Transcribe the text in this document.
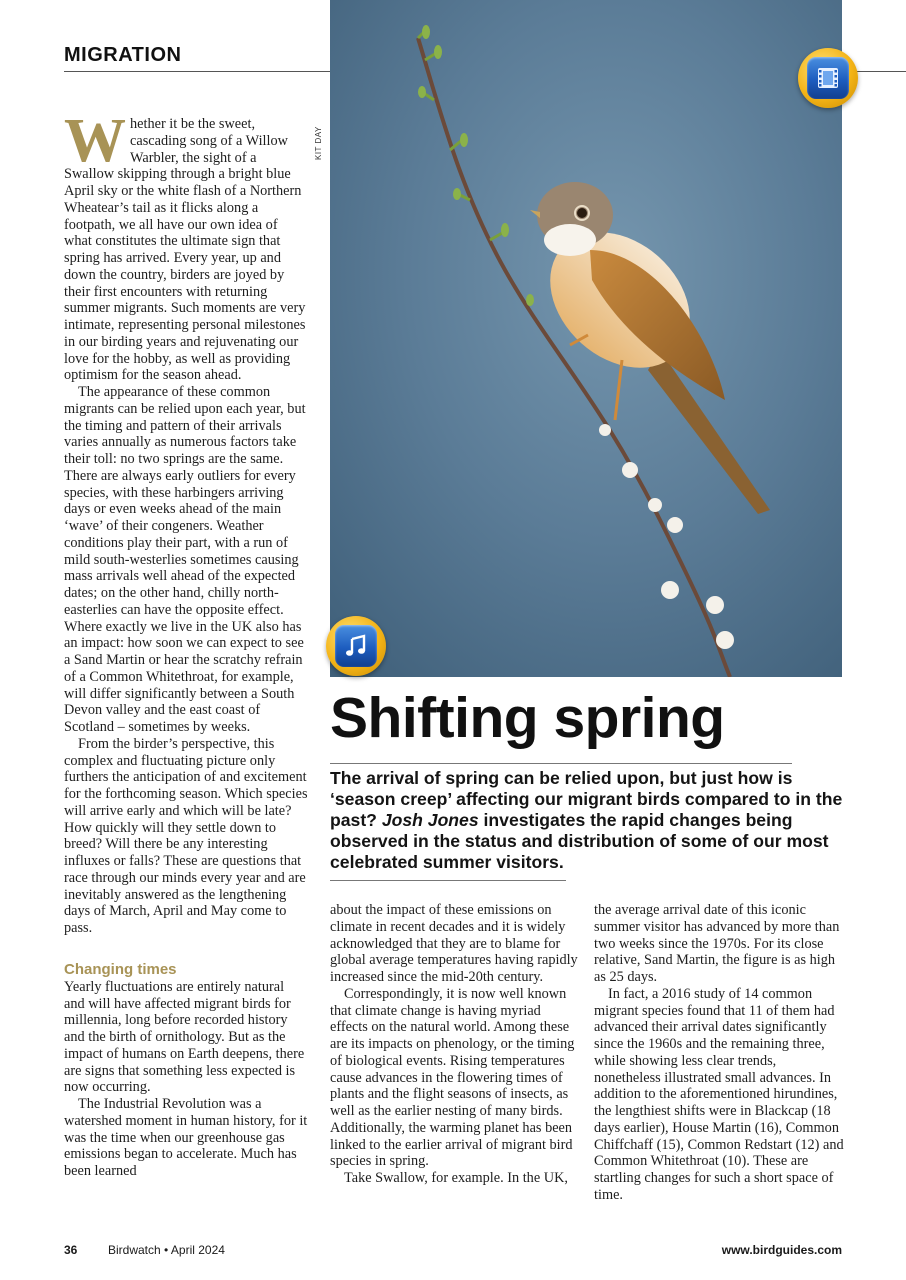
MIGRATION
KIT DAY

Whether it be the sweet, cascading song of a Willow Warbler, the sight of a Swallow skipping through a bright blue April sky or the white flash of a Northern Wheatear’s tail as it flicks along a footpath, we all have our own idea of what constitutes the ultimate sign that spring has arrived. Every year, up and down the country, birders are joyed by their first encounters with returning summer migrants. Such moments are very intimate, representing personal milestones in our birding years and rejuvenating our love for the hobby, as well as providing optimism for the season ahead.

The appearance of these common migrants can be relied upon each year, but the timing and pattern of their arrivals varies annually as numerous factors take their toll: no two springs are the same. There are always early outliers for every species, with these harbingers arriving days or even weeks ahead of the main ‘wave’ of their congeners. Weather conditions play their part, with a run of mild south-westerlies sometimes causing mass arrivals well ahead of the expected dates; on the other hand, chilly north-easterlies can have the opposite effect. Where exactly we live in the UK also has an impact: how soon we can expect to see a Sand Martin or hear the scratchy refrain of a Common Whitethroat, for example, will differ significantly between a South Devon valley and the east coast of Scotland – sometimes by weeks.

From the birder’s perspective, this complex and fluctuating picture only furthers the anticipation of and excitement for the forthcoming season. Which species will arrive early and which will be late? How quickly will they settle down to breed? Will there be any interesting influxes or falls? These are questions that race through our minds every year and are inevitably answered as the lengthening days of March, April and May come to pass.

Changing times

Yearly fluctuations are entirely natural and will have affected migrant birds for millennia, long before recorded history and the birth of ornithology. But as the impact of humans on Earth deepens, there are signs that something less expected is now occurring.

The Industrial Revolution was a watershed moment in human history, for it was the time when our greenhouse gas emissions began to accelerate. Much has been learned

Shifting spring
The arrival of spring can be relied upon, but just how is ‘season creep’ affecting our migrant birds compared to in the past? Josh Jones investigates the rapid changes being observed in the status and distribution of some of our most celebrated summer visitors.

about the impact of these emissions on climate in recent decades and it is widely acknowledged that they are to blame for global average temperatures having rapidly increased since the mid-20th century.

Correspondingly, it is now well known that climate change is having myriad effects on the natural world. Among these are its impacts on phenology, or the timing of biological events. Rising temperatures cause advances in the flowering times of plants and the flight seasons of insects, as well as the earlier nesting of many birds. Additionally, the warming planet has been linked to the earlier arrival of migrant bird species in spring.

Take Swallow, for example. In the UK,

the average arrival date of this iconic summer visitor has advanced by more than two weeks since the 1970s. For its close relative, Sand Martin, the figure is as high as 25 days.

In fact, a 2016 study of 14 common migrant species found that 11 of them had advanced their arrival dates significantly since the 1960s and the remaining three, while showing less clear trends, nonetheless illustrated small advances. In addition to the aforementioned hirundines, the lengthiest shifts were in Blackcap (18 days earlier), House Martin (16), Common Chiffchaff (15), Common Redstart (12) and Common Whitethroat (10). These are startling changes for such a short space of time.

36	Birdwatch • April 2024	www.birdguides.com
